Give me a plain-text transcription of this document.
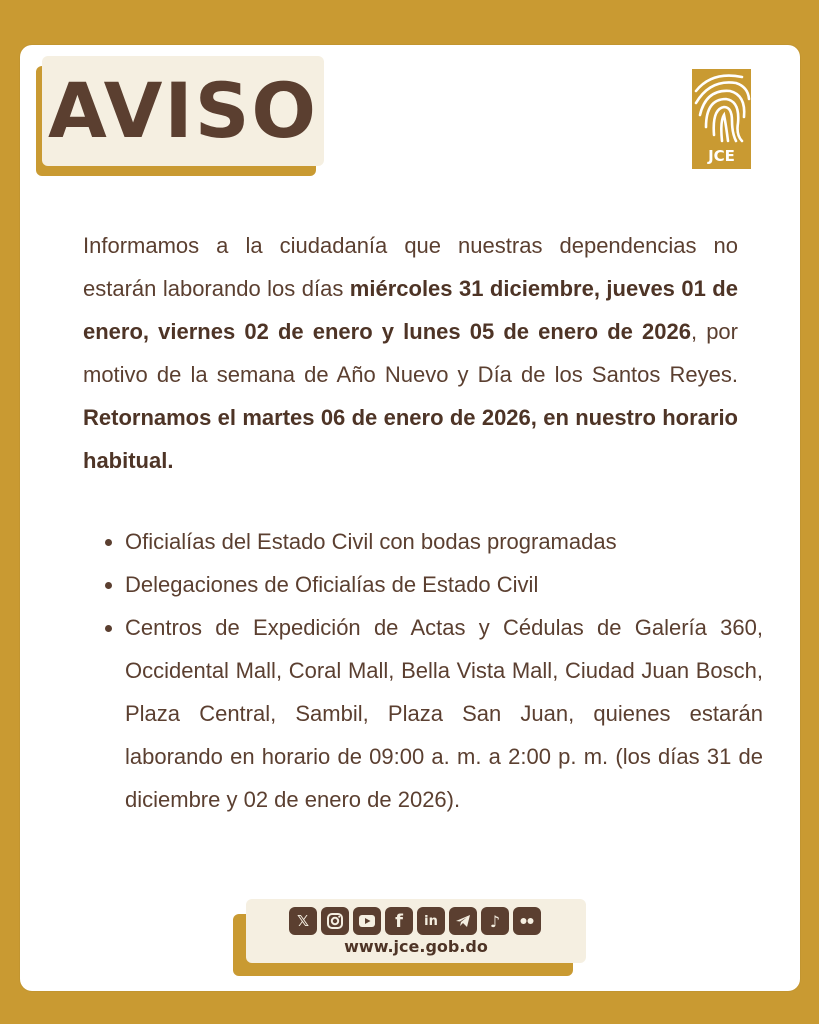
AVISO
JCE

Informamos a la ciudadanía que nuestras dependencias no estarán laborando los días miércoles 31 diciembre, jueves 01 de enero, viernes 02 de enero y lunes 05 de enero de 2026, por motivo de la semana de Año Nuevo y Día de los Santos Reyes. Retornamos el martes 06 de enero de 2026, en nuestro horario habitual.

• Oficialías del Estado Civil con bodas programadas
• Delegaciones de Oficialías de Estado Civil
• Centros de Expedición de Actas y Cédulas de Galería 360, Occidental Mall, Coral Mall, Bella Vista Mall, Ciudad Juan Bosch, Plaza Central, Sambil, Plaza San Juan, quienes estarán laborando en horario de 09:00 a. m. a 2:00 p. m. (los días 31 de diciembre y 02 de enero de 2026).
𝕏	f	in	♪
www.jce.gob.do
